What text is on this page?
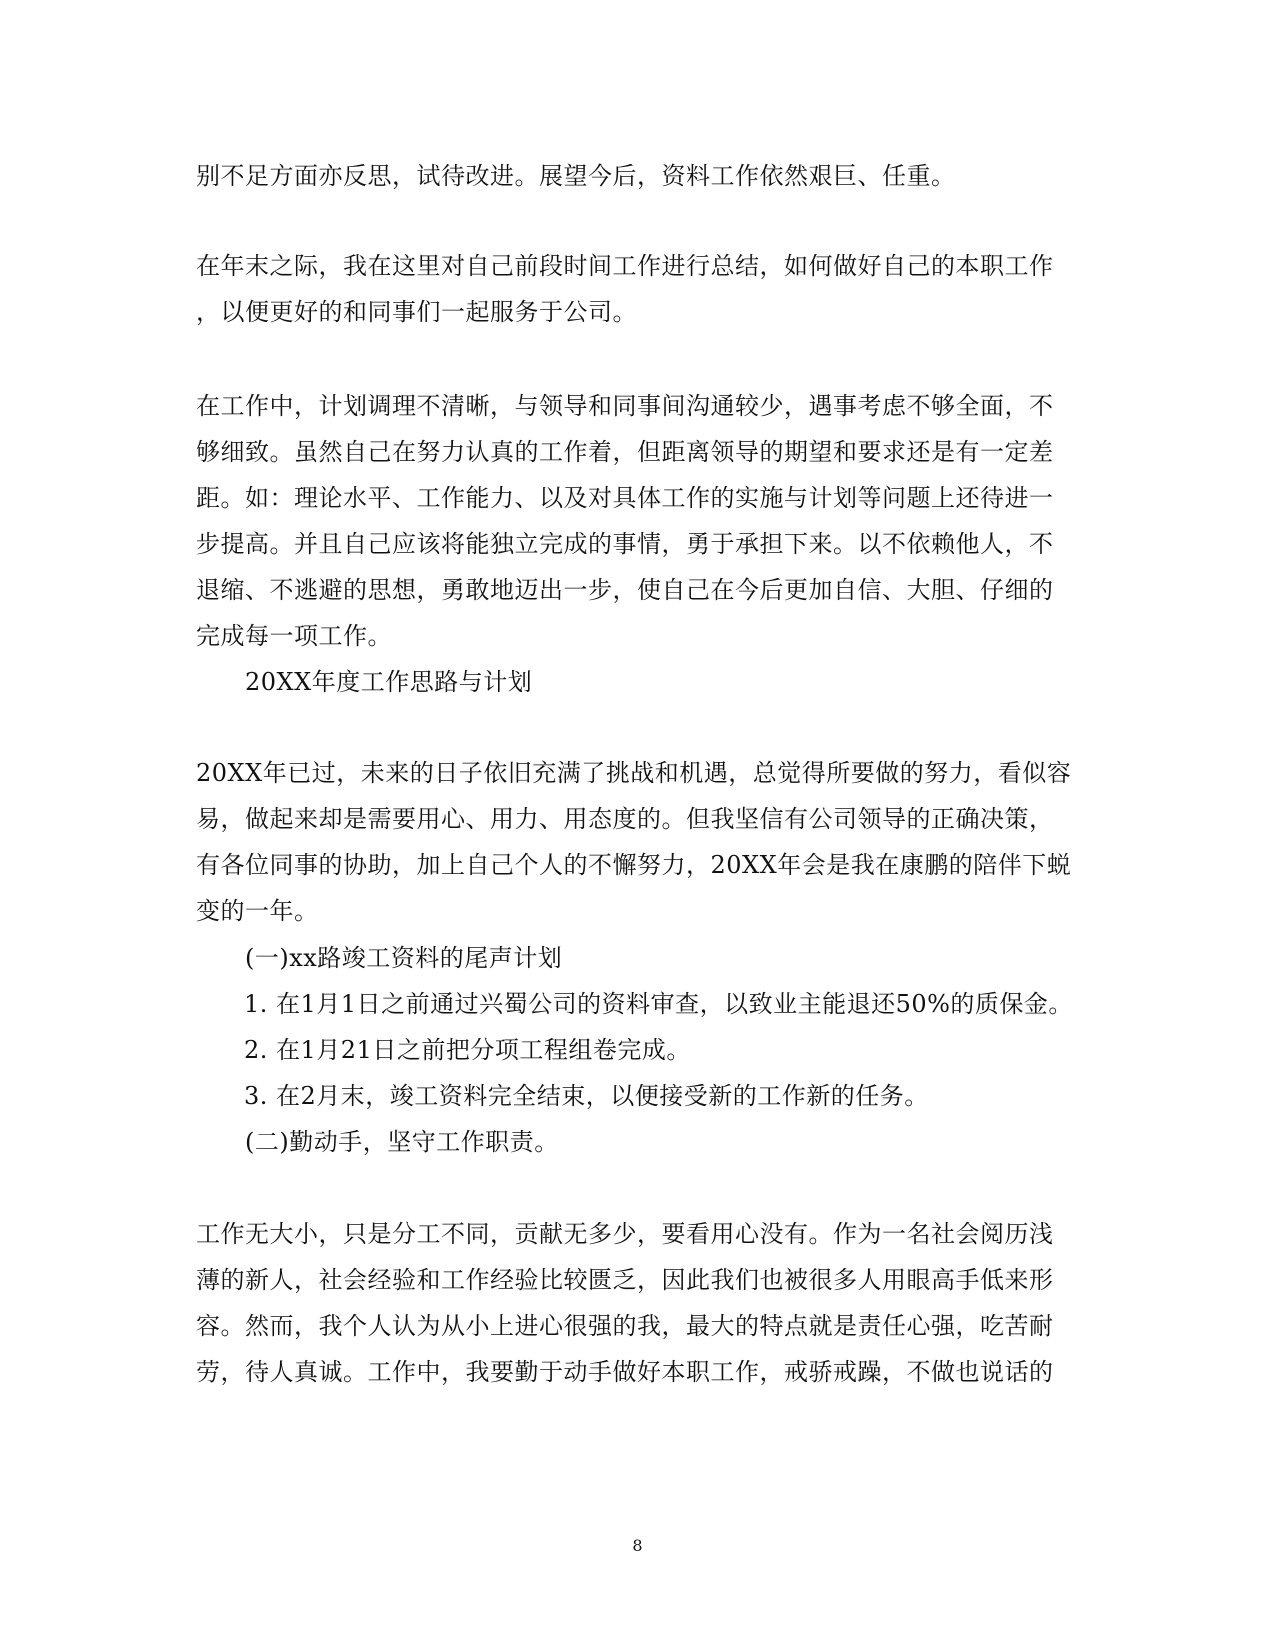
别不足方面亦反思，试待改进。展望今后，资料工作依然艰巨、任重。
在年末之际，我在这里对自己前段时间工作进行总结，如何做好自己的本职工作
，以便更好的和同事们一起服务于公司。
在工作中，计划调理不清晰，与领导和同事间沟通较少，遇事考虑不够全面，不
够细致。虽然自己在努力认真的工作着，但距离领导的期望和要求还是有一定差
距。如：理论水平、工作能力、以及对具体工作的实施与计划等问题上还待进一
步提高。并且自己应该将能独立完成的事情，勇于承担下来。以不依赖他人，不
退缩、不逃避的思想，勇敢地迈出一步，使自己在今后更加自信、大胆、仔细的
完成每一项工作。
20XX年度工作思路与计划
20XX年已过，未来的日子依旧充满了挑战和机遇，总觉得所要做的努力，看似容
易，做起来却是需要用心、用力、用态度的。但我坚信有公司领导的正确决策，
有各位同事的协助，加上自己个人的不懈努力，20XX年会是我在康鹏的陪伴下蜕
变的一年。
(一)xx路竣工资料的尾声计划
1. 在1月1日之前通过兴蜀公司的资料审查，以致业主能退还50%的质保金。
2. 在1月21日之前把分项工程组卷完成。
3. 在2月末，竣工资料完全结束，以便接受新的工作新的任务。
(二)勤动手，坚守工作职责。
工作无大小，只是分工不同，贡献无多少，要看用心没有。作为一名社会阅历浅
薄的新人，社会经验和工作经验比较匮乏，因此我们也被很多人用眼高手低来形
容。然而，我个人认为从小上进心很强的我，最大的特点就是责任心强，吃苦耐
劳，待人真诚。工作中，我要勤于动手做好本职工作，戒骄戒躁，不做也说话的
8
